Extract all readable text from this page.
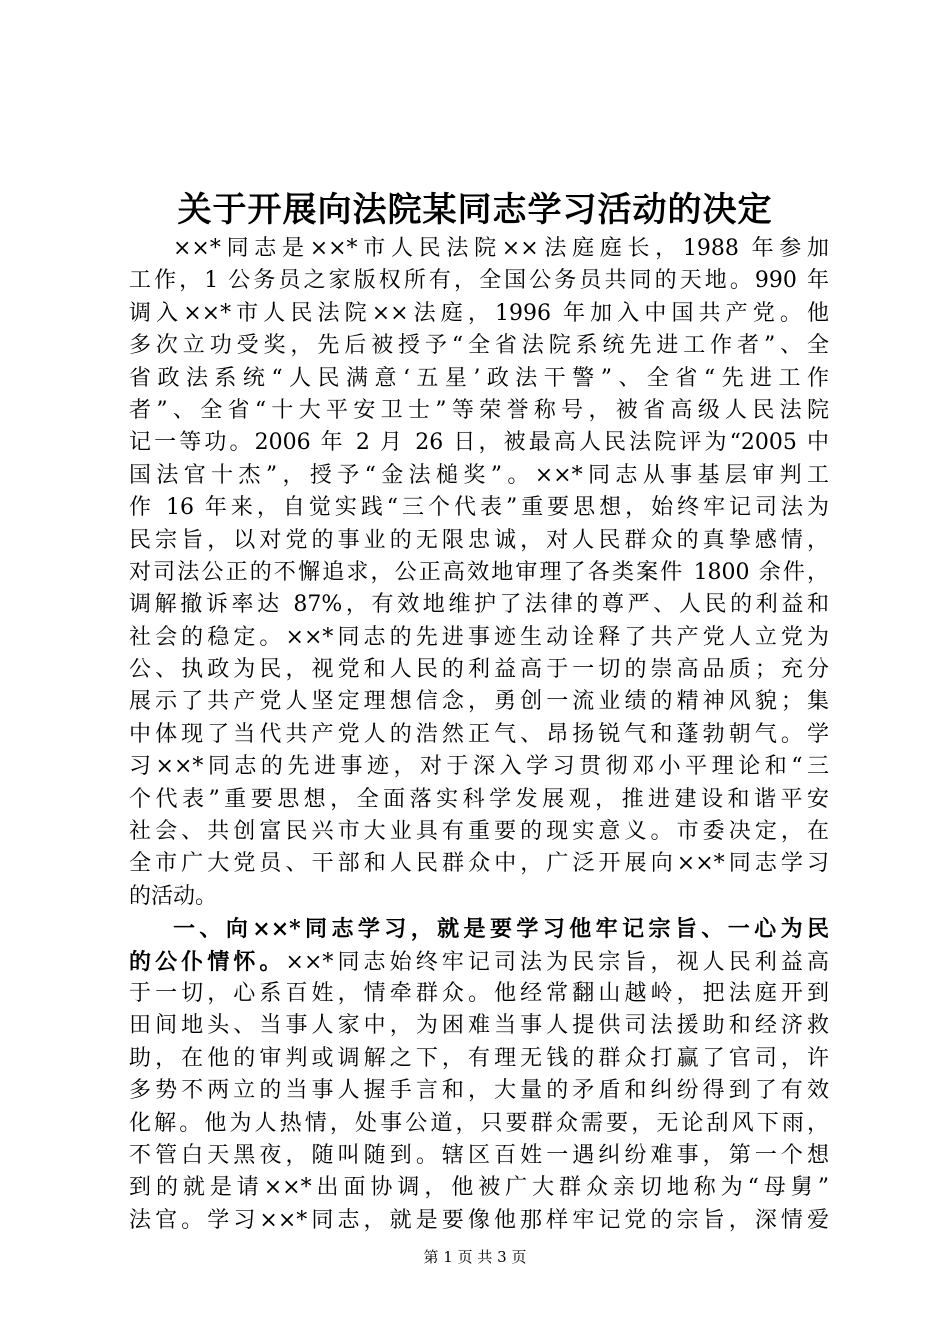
关于开展向法院某同志学习活动的决定
××*同志是××*市人民法院××法庭庭长，1988 年参加
工作，1 公务员之家版权所有，全国公务员共同的天地。990 年
调入××*市人民法院××法庭，1996 年加入中国共产党。他
多次立功受奖，先后被授予“全省法院系统先进工作者”、全
省政法系统“人民满意‘五星’政法干警”、全省“先进工作
者”、全省“十大平安卫士”等荣誉称号，被省高级人民法院
记一等功。2006 年 2 月 26 日，被最高人民法院评为“2005 中
国法官十杰”，授予“金法槌奖”。××*同志从事基层审判工
作 16 年来，自觉实践“三个代表”重要思想，始终牢记司法为
民宗旨，以对党的事业的无限忠诚，对人民群众的真挚感情，
对司法公正的不懈追求，公正高效地审理了各类案件 1800 余件，
调解撤诉率达 87%，有效地维护了法律的尊严、人民的利益和
社会的稳定。××*同志的先进事迹生动诠释了共产党人立党为
公、执政为民，视党和人民的利益高于一切的崇高品质；充分
展示了共产党人坚定理想信念，勇创一流业绩的精神风貌；集
中体现了当代共产党人的浩然正气、昂扬锐气和蓬勃朝气。学
习××*同志的先进事迹，对于深入学习贯彻邓小平理论和“三
个代表”重要思想，全面落实科学发展观，推进建设和谐平安
社会、共创富民兴市大业具有重要的现实意义。市委决定，在
全市广大党员、干部和人民群众中，广泛开展向××*同志学习
的活动。
一、向××*同志学习，就是要学习他牢记宗旨、一心为民
的公仆情怀。××*同志始终牢记司法为民宗旨，视人民利益高
于一切，心系百姓，情牵群众。他经常翻山越岭，把法庭开到
田间地头、当事人家中，为困难当事人提供司法援助和经济救
助，在他的审判或调解之下，有理无钱的群众打赢了官司，许
多势不两立的当事人握手言和，大量的矛盾和纠纷得到了有效
化解。他为人热情，处事公道，只要群众需要，无论刮风下雨，
不管白天黑夜，随叫随到。辖区百姓一遇纠纷难事，第一个想
到的就是请××*出面协调，他被广大群众亲切地称为“母舅”
法官。学习××*同志，就是要像他那样牢记党的宗旨，深情爱
第 1 页 共 3 页
